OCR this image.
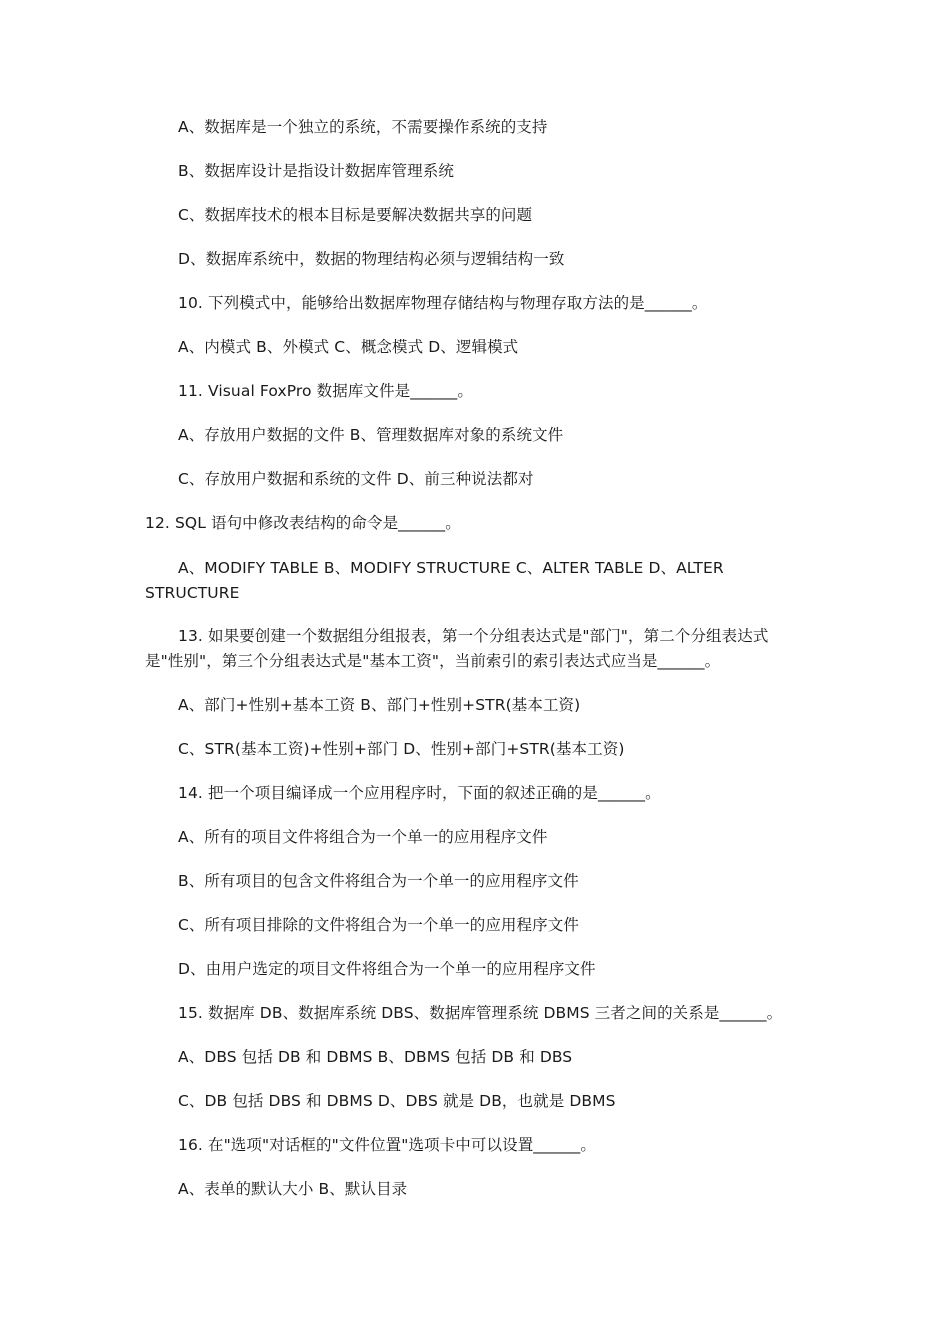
A、数据库是一个独立的系统，不需要操作系统的支持
B、数据库设计是指设计数据库管理系统
C、数据库技术的根本目标是要解决数据共享的问题
D、数据库系统中，数据的物理结构必须与逻辑结构一致
10. 下列模式中，能够给出数据库物理存储结构与物理存取方法的是______。
A、内模式 B、外模式 C、概念模式 D、逻辑模式
11. Visual FoxPro 数据库文件是______。
A、存放用户数据的文件 B、管理数据库对象的系统文件
C、存放用户数据和系统的文件 D、前三种说法都对
12. SQL 语句中修改表结构的命令是______。
A、MODIFY TABLE B、MODIFY STRUCTURE C、ALTER TABLE D、ALTER
STRUCTURE
13. 如果要创建一个数据组分组报表，第一个分组表达式是"部门"，第二个分组表达式
是"性别"，第三个分组表达式是"基本工资"，当前索引的索引表达式应当是______。
A、部门+性别+基本工资 B、部门+性别+STR(基本工资)
C、STR(基本工资)+性别+部门 D、性别+部门+STR(基本工资)
14. 把一个项目编译成一个应用程序时，下面的叙述正确的是______。
A、所有的项目文件将组合为一个单一的应用程序文件
B、所有项目的包含文件将组合为一个单一的应用程序文件
C、所有项目排除的文件将组合为一个单一的应用程序文件
D、由用户选定的项目文件将组合为一个单一的应用程序文件
15. 数据库 DB、数据库系统 DBS、数据库管理系统 DBMS 三者之间的关系是______。
A、DBS 包括 DB 和 DBMS B、DBMS 包括 DB 和 DBS
C、DB 包括 DBS 和 DBMS D、DBS 就是 DB，也就是 DBMS
16. 在"选项"对话框的"文件位置"选项卡中可以设置______。
A、表单的默认大小 B、默认目录
